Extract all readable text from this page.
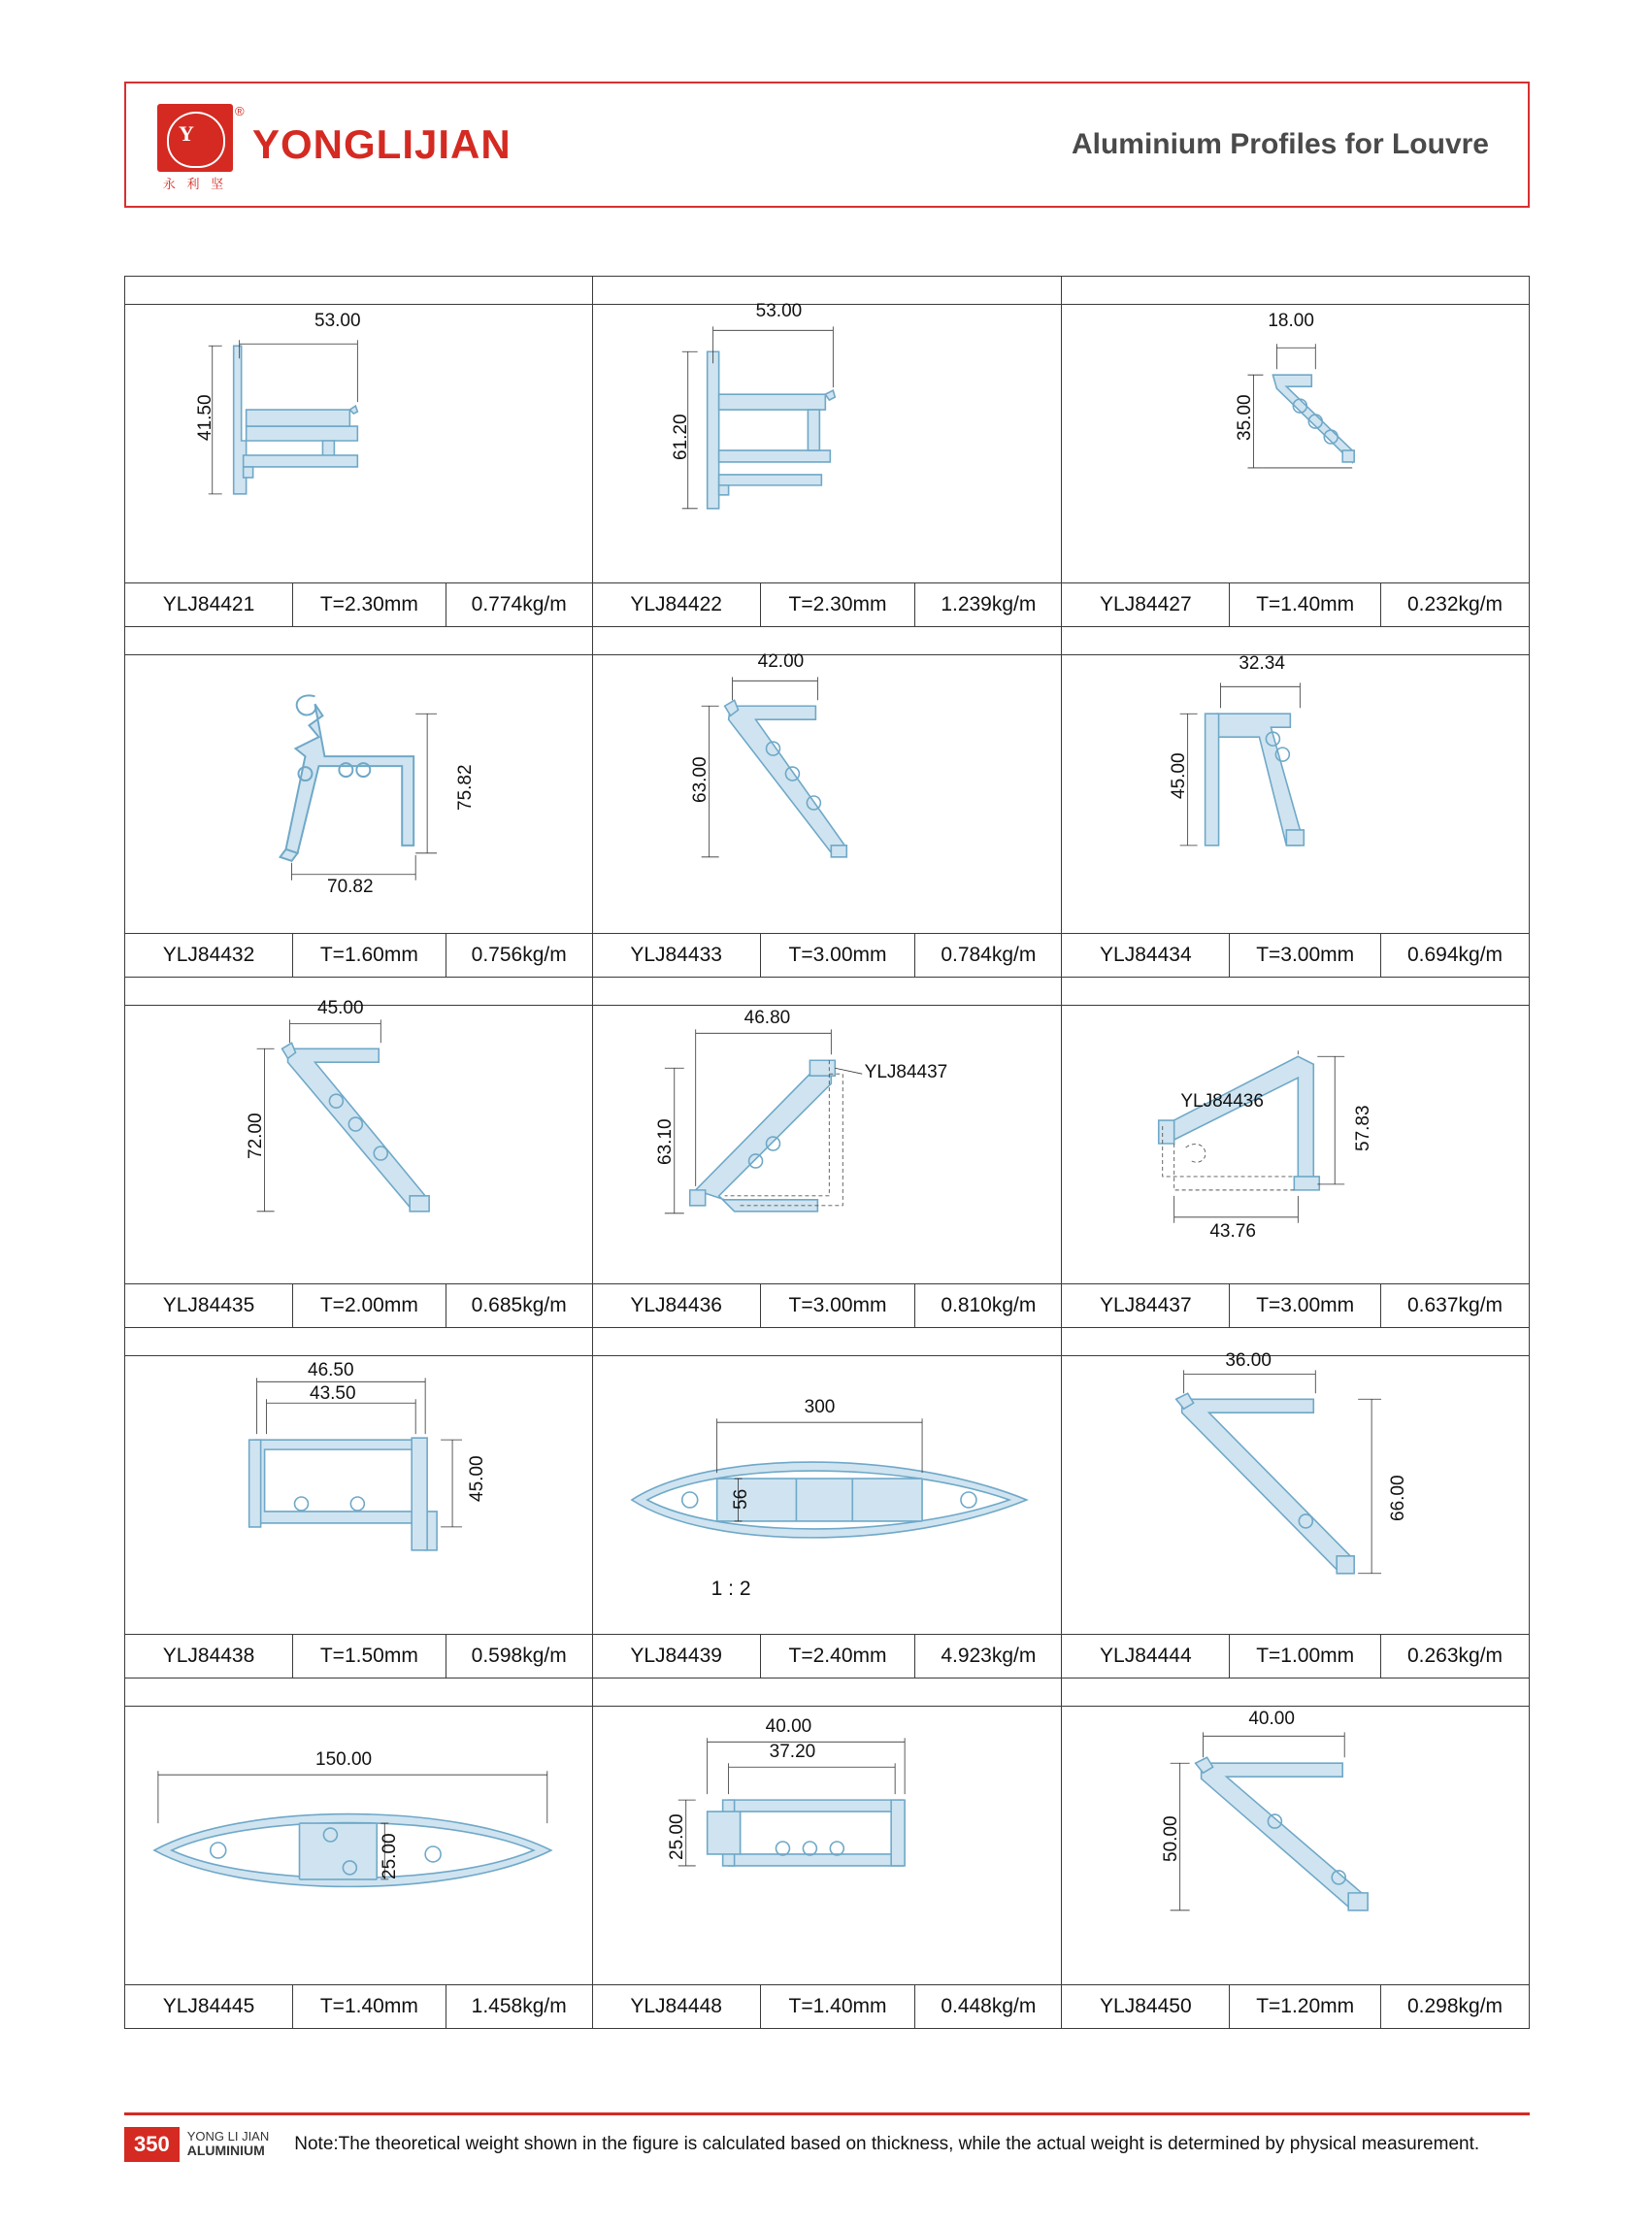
Y
永 利 坚
®
YONGLIJIAN	Aluminium Profiles for Louvre
53.00
41.50
YLJ84421	T=2.30mm	0.774kg/m
53.00
61.20
YLJ84422	T=2.30mm	1.239kg/m
18.00
35.00
YLJ84427	T=1.40mm	0.232kg/m
75.82
70.82
YLJ84432	T=1.60mm	0.756kg/m
42.00
63.00
YLJ84433	T=3.00mm	0.784kg/m
32.34
45.00
YLJ84434	T=3.00mm	0.694kg/m
45.00
72.00
YLJ84435	T=2.00mm	0.685kg/m
46.80
63.10
YLJ84437
YLJ84436	T=3.00mm	0.810kg/m
YLJ84436
57.83
43.76
YLJ84437	T=3.00mm	0.637kg/m
46.50
43.50
45.00
YLJ84438	T=1.50mm	0.598kg/m
300
56
1 : 2
YLJ84439	T=2.40mm	4.923kg/m
36.00
66.00
YLJ84444	T=1.00mm	0.263kg/m
150.00
25.00
YLJ84445	T=1.40mm	1.458kg/m
40.00
37.20
25.00
YLJ84448	T=1.40mm	0.448kg/m
40.00
50.00
YLJ84450	T=1.20mm	0.298kg/m
350	YONG LI JIAN
ALUMINIUM Note:The theoretical weight shown in the figure is calculated based on thickness, while the actual weight is determined by physical measurement.
